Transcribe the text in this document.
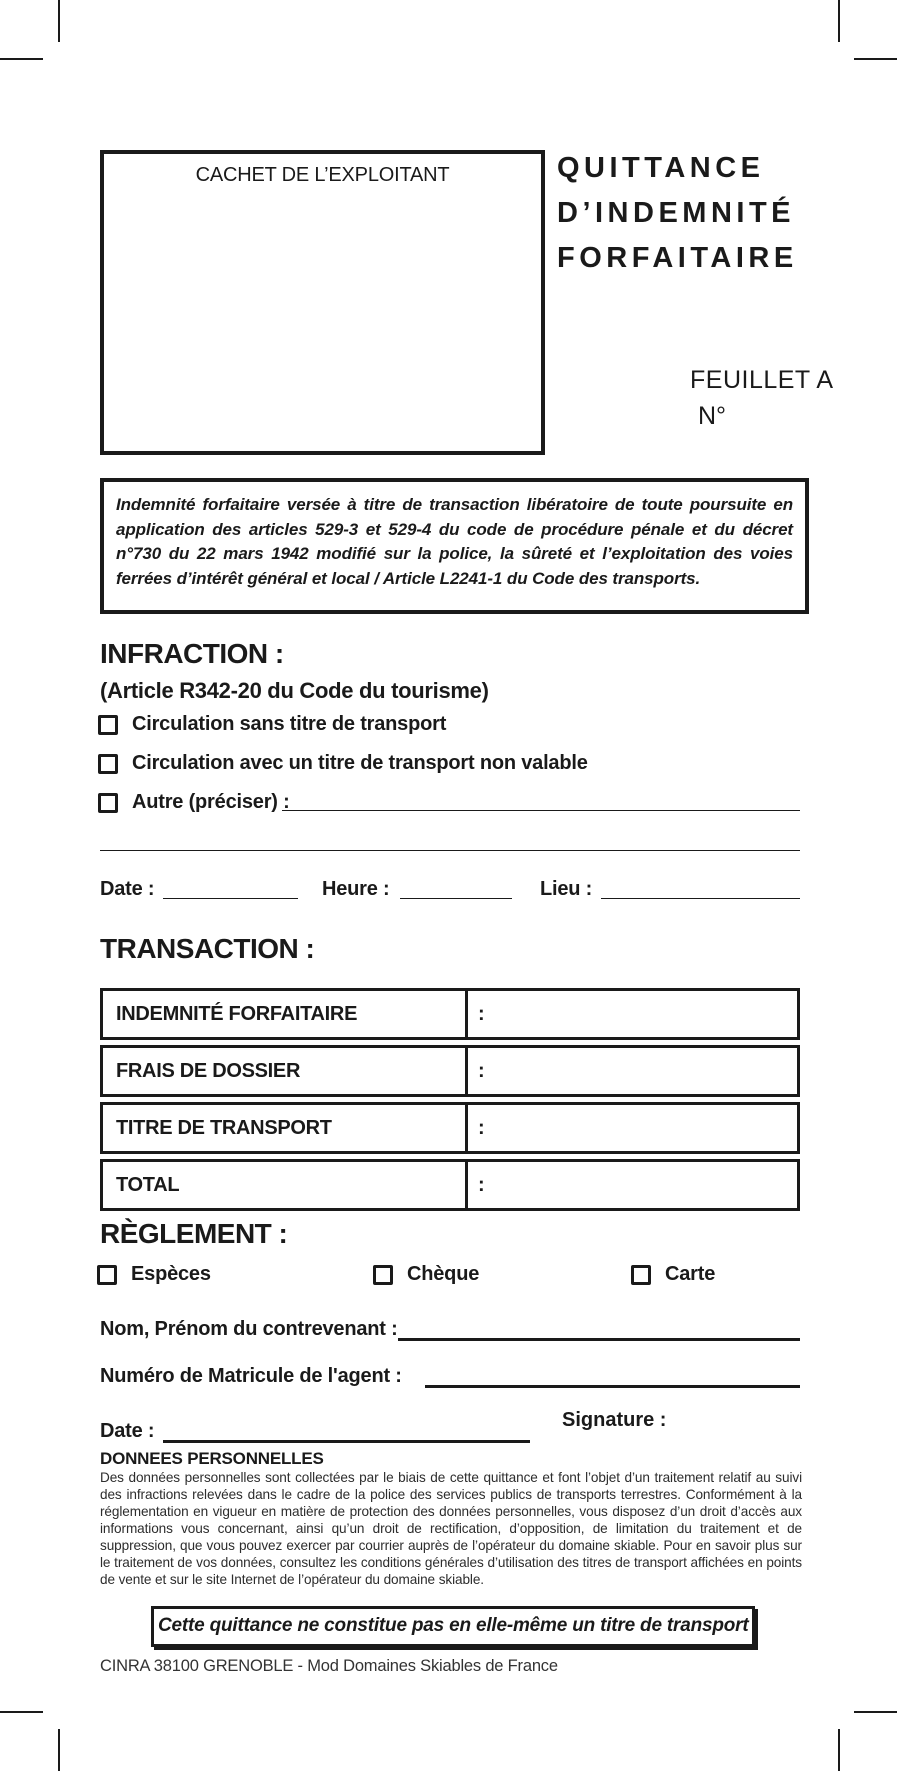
CACHET DE L’EXPLOITANT	QUITTANCE
D’INDEMNITÉ
FORFAITAIRE
FEUILLET A
N°
Indemnité forfaitaire versée à titre de transaction libératoire de toute poursuite en application des articles 529-3 et 529-4 du code de procédure pénale et du décret n°730 du 22 mars 1942 modifié sur la police, la sûreté et l’exploitation des voies ferrées d’intérêt général et local / Article L2241-1 du Code des transports.
INFRACTION :
(Article R342-20 du Code du tourisme)
Circulation sans titre de transport
Circulation avec un titre de transport non valable
Autre (préciser) :
Date :	Heure :	Lieu :
TRANSACTION :
INDEMNITÉ FORFAITAIRE	:
FRAIS DE DOSSIER	:
TITRE DE TRANSPORT	:
TOTAL	:
RÈGLEMENT :
Espèces	Chèque	Carte
Nom, Prénom du contrevenant :
Numéro de Matricule de l'agent :
Date :	Signature :
DONNEES PERSONNELLES
Des données personnelles sont collectées par le biais de cette quittance et font l’objet d’un traitement relatif au suivi des infractions relevées dans le cadre de la police des services publics de transports terrestres. Conformément à la réglementation en vigueur en matière de protection des données personnelles, vous disposez d’un droit d’accès aux informations vous concernant, ainsi qu’un droit de rectification, d’opposition, de limitation du traitement et de suppression, que vous pouvez exercer par courrier auprès de l’opérateur du domaine skiable. Pour en savoir plus sur le traitement de vos données, consultez les conditions générales d’utilisation des titres de transport affichées en points de vente et sur le site Internet de l’opérateur du domaine skiable.
Cette quittance ne constitue pas en elle-même un titre de transport
CINRA 38100 GRENOBLE - Mod Domaines Skiables de France
